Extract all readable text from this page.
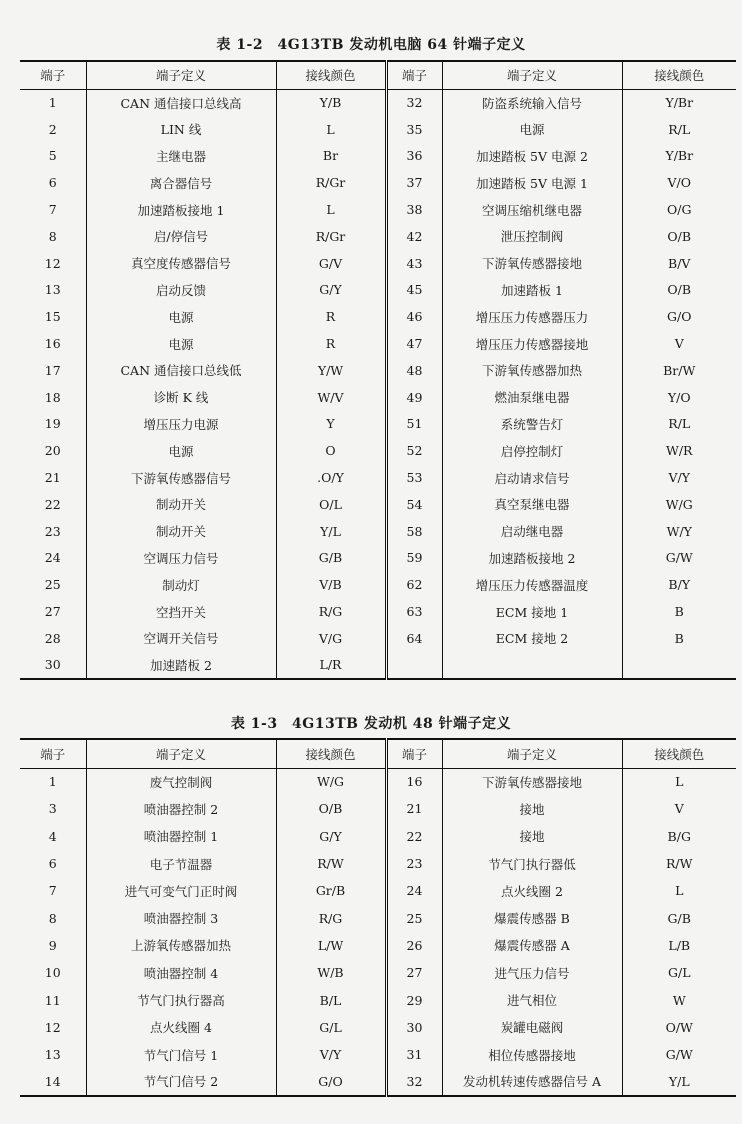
表 1-2　4G13TB 发动机电脑 64 针端子定义
端子	端子定义	接线颜色	端子	端子定义	接线颜色
1	CAN 通信接口总线高	Y/B	32	防盗系统输入信号	Y/Br
2	LIN 线	L	35	电源	R/L
5	主继电器	Br	36	加速踏板 5V 电源 2	Y/Br
6	离合器信号	R/Gr	37	加速踏板 5V 电源 1	V/O
7	加速踏板接地 1	L	38	空调压缩机继电器	O/G
8	启/停信号	R/Gr	42	泄压控制阀	O/B
12	真空度传感器信号	G/V	43	下游氧传感器接地	B/V
13	启动反馈	G/Y	45	加速踏板 1	O/B
15	电源	R	46	增压压力传感器压力	G/O
16	电源	R	47	增压压力传感器接地	V
17	CAN 通信接口总线低	Y/W	48	下游氧传感器加热	Br/W
18	诊断 K 线	W/V	49	燃油泵继电器	Y/O
19	增压压力电源	Y	51	系统警告灯	R/L
20	电源	O	52	启停控制灯	W/R
21	下游氧传感器信号	.O/Y	53	启动请求信号	V/Y
22	制动开关	O/L	54	真空泵继电器	W/G
23	制动开关	Y/L	58	启动继电器	W/Y
24	空调压力信号	G/B	59	加速踏板接地 2	G/W
25	制动灯	V/B	62	增压压力传感器温度	B/Y
27	空挡开关	R/G	63	ECM 接地 1	B
28	空调开关信号	V/G	64	ECM 接地 2	B
30	加速踏板 2	L/R			
表 1-3　4G13TB 发动机 48 针端子定义
端子	端子定义	接线颜色	端子	端子定义	接线颜色
1	废气控制阀	W/G	16	下游氧传感器接地	L
3	喷油器控制 2	O/B	21	接地	V
4	喷油器控制 1	G/Y	22	接地	B/G
6	电子节温器	R/W	23	节气门执行器低	R/W
7	进气可变气门正时阀	Gr/B	24	点火线圈 2	L
8	喷油器控制 3	R/G	25	爆震传感器 B	G/B
9	上游氧传感器加热	L/W	26	爆震传感器 A	L/B
10	喷油器控制 4	W/B	27	进气压力信号	G/L
11	节气门执行器高	B/L	29	进气相位	W
12	点火线圈 4	G/L	30	炭罐电磁阀	O/W
13	节气门信号 1	V/Y	31	相位传感器接地	G/W
14	节气门信号 2	G/O	32	发动机转速传感器信号 A	Y/L
